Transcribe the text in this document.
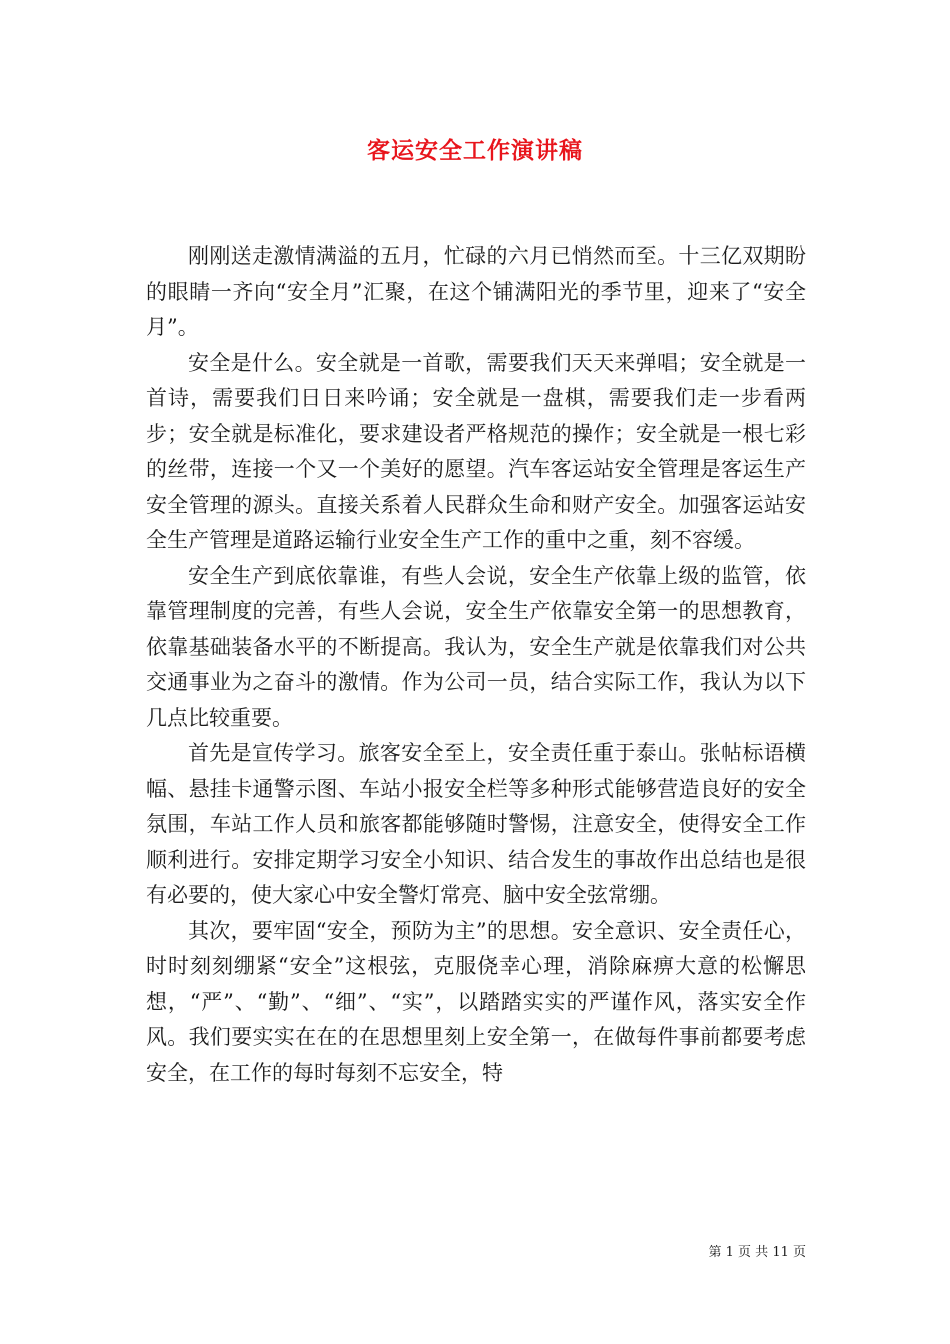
客运安全工作演讲稿

刚刚送走激情满溢的五月，忙碌的六月已悄然而至。十三亿双期盼的眼睛一齐向“安全月”汇聚，在这个铺满阳光的季节里，迎来了“安全月”。

安全是什么。安全就是一首歌，需要我们天天来弹唱；安全就是一首诗，需要我们日日来吟诵；安全就是一盘棋，需要我们走一步看两步；安全就是标准化，要求建设者严格规范的操作；安全就是一根七彩的丝带，连接一个又一个美好的愿望。汽车客运站安全管理是客运生产安全管理的源头。直接关系着人民群众生命和财产安全。加强客运站安全生产管理是道路运输行业安全生产工作的重中之重，刻不容缓。

安全生产到底依靠谁，有些人会说，安全生产依靠上级的监管，依靠管理制度的完善，有些人会说，安全生产依靠安全第一的思想教育，依靠基础装备水平的不断提高。我认为，安全生产就是依靠我们对公共交通事业为之奋斗的激情。作为公司一员，结合实际工作，我认为以下几点比较重要。

首先是宣传学习。旅客安全至上，安全责任重于泰山。张帖标语横幅、悬挂卡通警示图、车站小报安全栏等多种形式能够营造良好的安全氛围，车站工作人员和旅客都能够随时警惕，注意安全，使得安全工作顺利进行。安排定期学习安全小知识、结合发生的事故作出总结也是很有必要的，使大家心中安全警灯常亮、脑中安全弦常绷。

其次，要牢固“安全，预防为主”的思想。安全意识、安全责任心，时时刻刻绷紧“安全”这根弦，克服侥幸心理，消除麻痹大意的松懈思想，“严”、“勤”、“细”、“实”，以踏踏实实的严谨作风，落实安全作风。我们要实实在在的在思想里刻上安全第一，在做每件事前都要考虑安全，在工作的每时每刻不忘安全，特

第 1 页 共 11 页
